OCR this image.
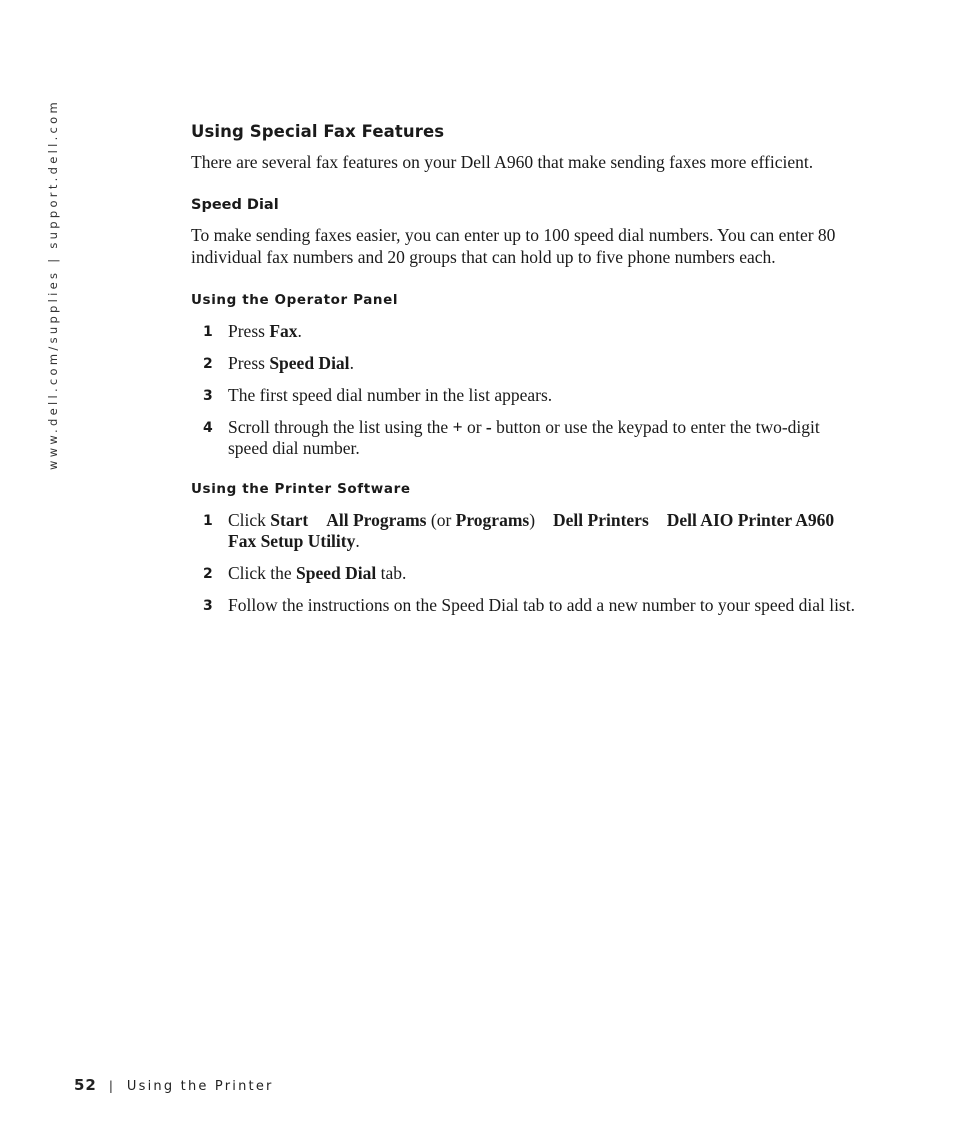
www.dell.com/supplies | support.dell.com	Using Special Fax Features

There are several fax features on your Dell A960 that make sending faxes more efficient.

Speed Dial

To make sending faxes easier, you can enter up to 100 speed dial numbers. You can enter 80 individual fax numbers and 20 groups that can hold up to five phone numbers each.

Using the Operator Panel
1 Press Fax.
2 Press Speed Dial.
3 The first speed dial number in the list appears.
4 Scroll through the list using the + or - button or use the keypad to enter the two-digit speed dial number.
Using the Printer Software
1 Click Start All Programs (or Programs) Dell Printers Dell AIO Printer A960Fax Setup Utility.
2 Click the Speed Dial tab.
3 Follow the instructions on the Speed Dial tab to add a new number to your speed dial list.
52 | Using the Printer
